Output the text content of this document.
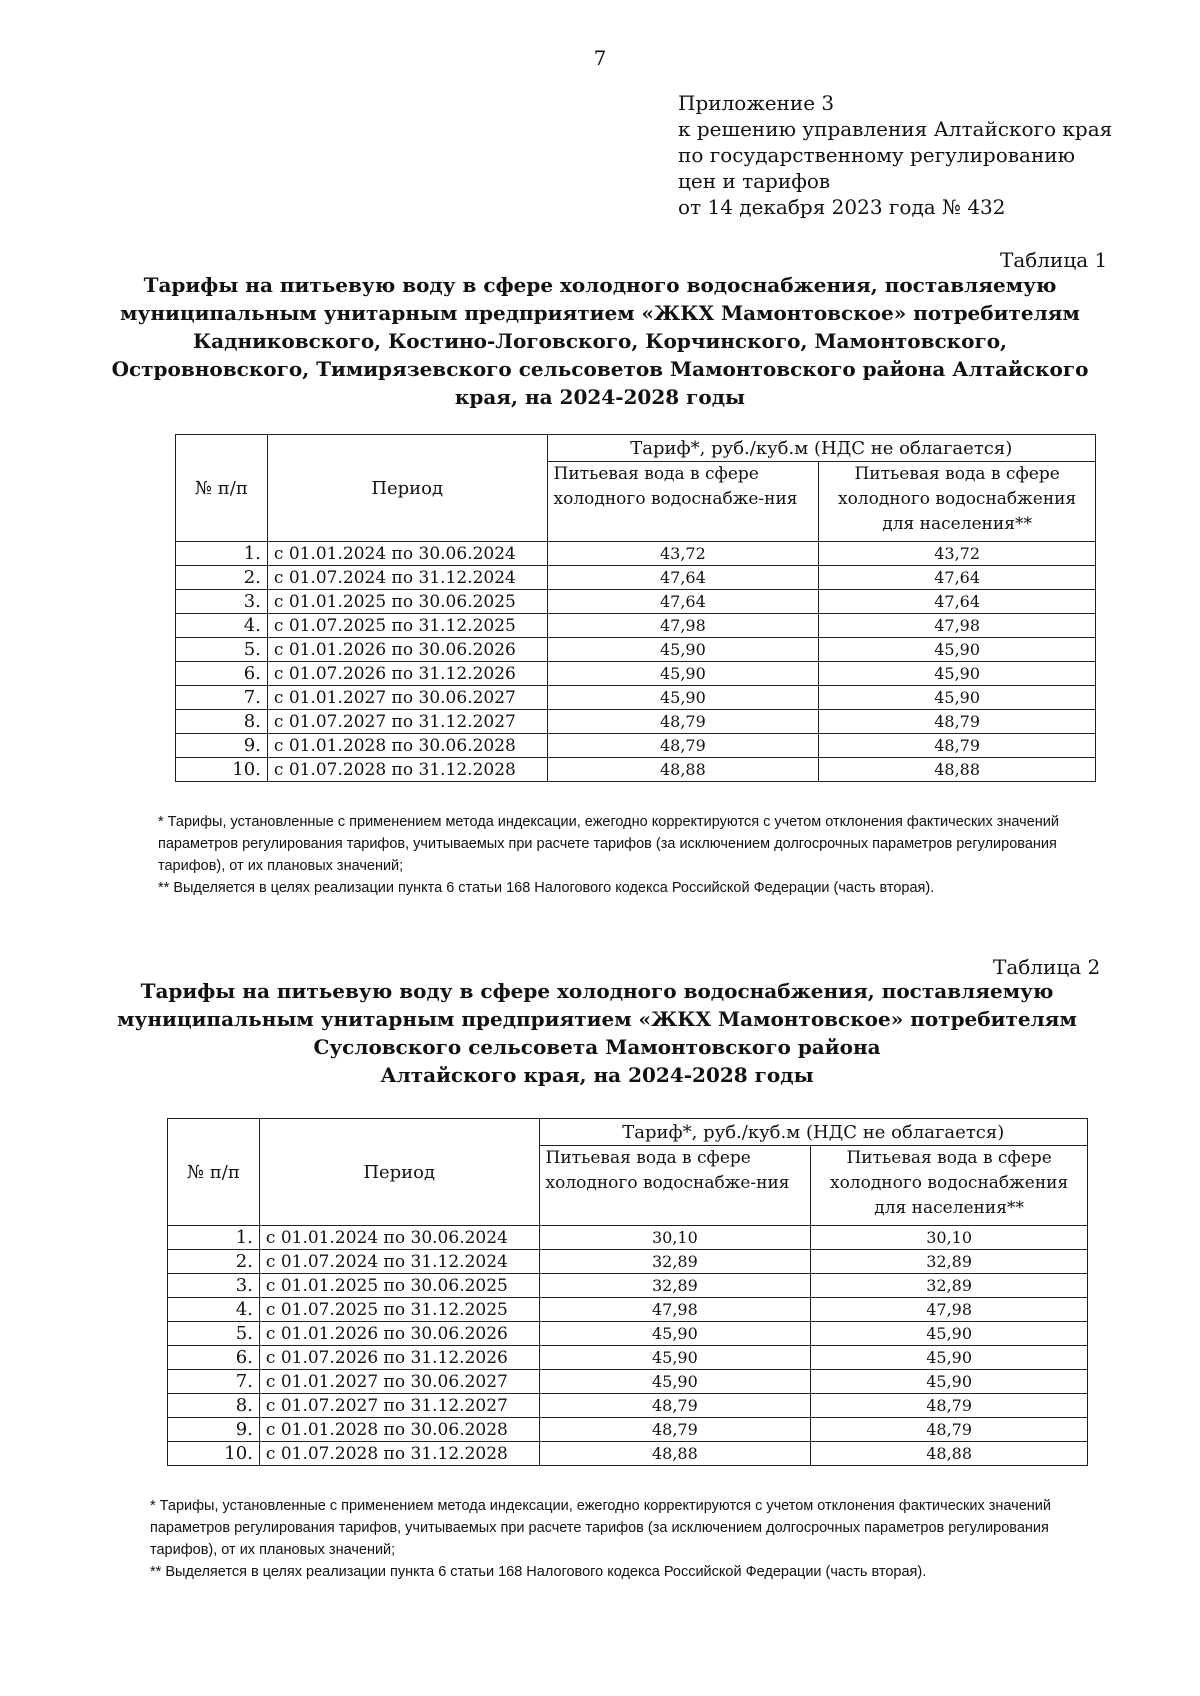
7
Приложение 3
к решению управления Алтайского края
по государственному регулированию
цен и тарифов
от 14 декабря 2023 года № 432
Таблица 1
Тарифы на питьевую воду в сфере холодного водоснабжения, поставляемую
муниципальным унитарным предприятием «ЖКХ Мамонтовское» потребителям
Кадниковского, Костино-Логовского, Корчинского, Мамонтовского,
Островновского, Тимирязевского сельсоветов Мамонтовского района Алтайского
края, на 2024-2028 годы
№ п/п	Период	Тариф*, руб./куб.м (НДС не облагается)	
		Питьевая вода в сфере холодного водоснабже-ния	Питьевая вода в сфере холодного водоснабжения для населения**
1.	с 01.01.2024 по 30.06.2024	43,72	43,72
2.	с 01.07.2024 по 31.12.2024	47,64	47,64
3.	с 01.01.2025 по 30.06.2025	47,64	47,64
4.	с 01.07.2025 по 31.12.2025	47,98	47,98
5.	с 01.01.2026 по 30.06.2026	45,90	45,90
6.	с 01.07.2026 по 31.12.2026	45,90	45,90
7.	с 01.01.2027 по 30.06.2027	45,90	45,90
8.	с 01.07.2027 по 31.12.2027	48,79	48,79
9.	с 01.01.2028 по 30.06.2028	48,79	48,79
10.	с 01.07.2028 по 31.12.2028	48,88	48,88

* Тарифы, установленные с применением метода индексации, ежегодно корректируются с учетом отклонения фактических значений параметров регулирования тарифов, учитываемых при расчете тарифов (за исключением долгосрочных параметров регулирования тарифов), от их плановых значений;

** Выделяется в целях реализации пункта 6 статьи 168 Налогового кодекса Российской Федерации (часть вторая).

Таблица 2
Тарифы на питьевую воду в сфере холодного водоснабжения, поставляемую
муниципальным унитарным предприятием «ЖКХ Мамонтовское» потребителям
Сусловского сельсовета Мамонтовского района
Алтайского края, на 2024-2028 годы
№ п/п	Период	Тариф*, руб./куб.м (НДС не облагается)	
		Питьевая вода в сфере холодного водоснабже-ния	Питьевая вода в сфере холодного водоснабжения для населения**
1.	с 01.01.2024 по 30.06.2024	30,10	30,10
2.	с 01.07.2024 по 31.12.2024	32,89	32,89
3.	с 01.01.2025 по 30.06.2025	32,89	32,89
4.	с 01.07.2025 по 31.12.2025	47,98	47,98
5.	с 01.01.2026 по 30.06.2026	45,90	45,90
6.	с 01.07.2026 по 31.12.2026	45,90	45,90
7.	с 01.01.2027 по 30.06.2027	45,90	45,90
8.	с 01.07.2027 по 31.12.2027	48,79	48,79
9.	с 01.01.2028 по 30.06.2028	48,79	48,79
10.	с 01.07.2028 по 31.12.2028	48,88	48,88

* Тарифы, установленные с применением метода индексации, ежегодно корректируются с учетом отклонения фактических значений параметров регулирования тарифов, учитываемых при расчете тарифов (за исключением долгосрочных параметров регулирования тарифов), от их плановых значений;

** Выделяется в целях реализации пункта 6 статьи 168 Налогового кодекса Российской Федерации (часть вторая).
